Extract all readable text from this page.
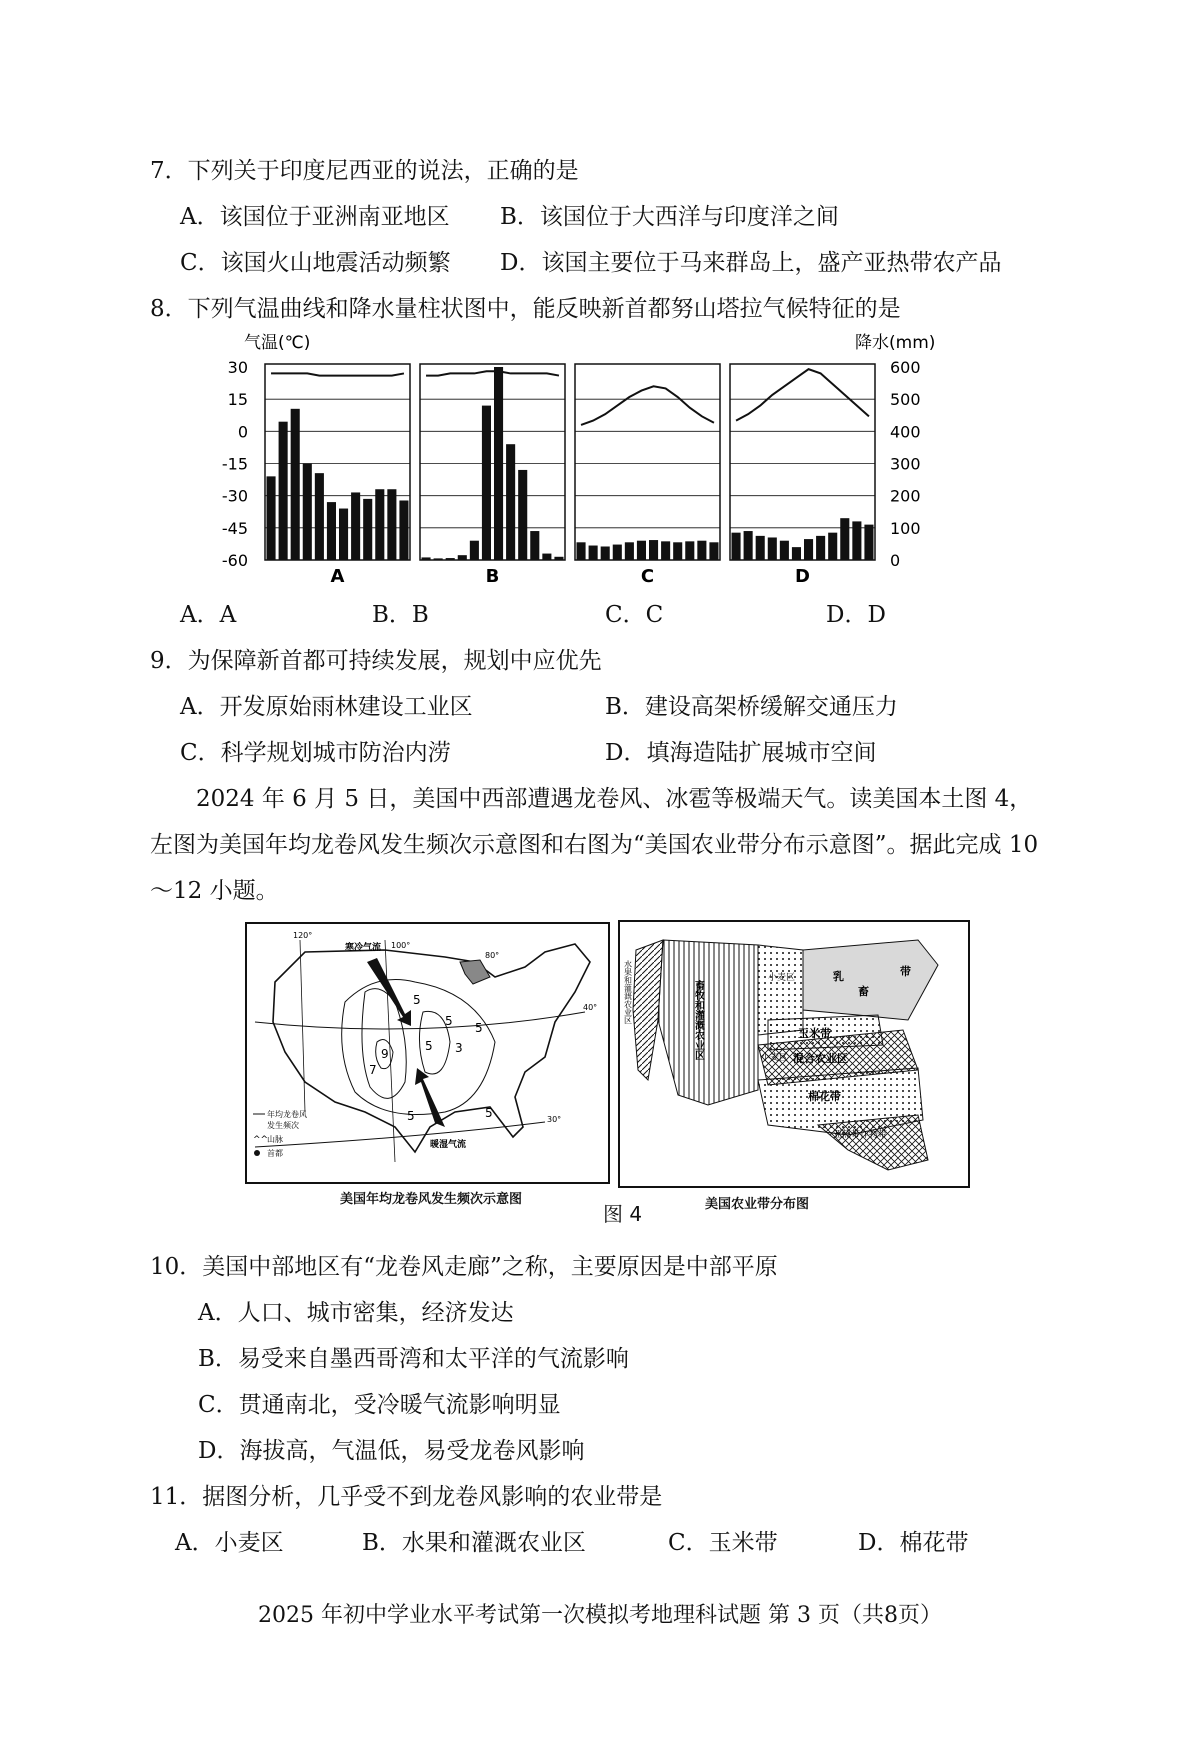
7．下列关于印度尼西亚的说法，正确的是
A．该国位于亚洲南亚地区 B．该国位于大西洋与印度洋之间
C．该国火山地震活动频繁 D．该国主要位于马来群岛上，盛产亚热带农产品
8．下列气温曲线和降水量柱状图中，能反映新首都努山塔拉气候特征的是
气温(℃)	降水(mm)
30
15
0
-15
-30
-45
-60
600
500
400
300
200
100
0
A	B	C	D
A．A	B．B	C．C	D．D
9．为保障新首都可持续发展，规划中应优先
A．开发原始雨林建设工业区	B．建设高架桥缓解交通压力
C．科学规划城市防治内涝	D．填海造陆扩展城市空间
2024 年 6 月 5 日，美国中西部遭遇龙卷风、冰雹等极端天气。读美国本土图 4，左图为美国年均龙卷风发生频次示意图和右图为“美国农业带分布示意图”。据此完成 10～12 小题。
寒冷气流
暖湿气流
120°
100°
80°
40°
30°
5
5 5
7
9
5 3
5	5
年均龙卷风
发生频次
^^
山脉
首都
美国年均龙卷风发生频次示意图
畜牧和灌溉农业区
小麦区	乳
畜
带
玉米带
小麦区 混合农业区
棉花带
亚热带作物带
水果和灌溉农业区
美国农业带分布图
图 4
10．美国中部地区有“龙卷风走廊”之称，主要原因是中部平原
A．人口、城市密集，经济发达
B．易受来自墨西哥湾和太平洋的气流影响
C．贯通南北，受冷暖气流影响明显
D．海拔高，气温低，易受龙卷风影响
11．据图分析，几乎受不到龙卷风影响的农业带是
A．小麦区	B．水果和灌溉农业区	C．玉米带	D．棉花带
2025 年初中学业水平考试第一次模拟考地理科试题 第 3 页（共8页）
